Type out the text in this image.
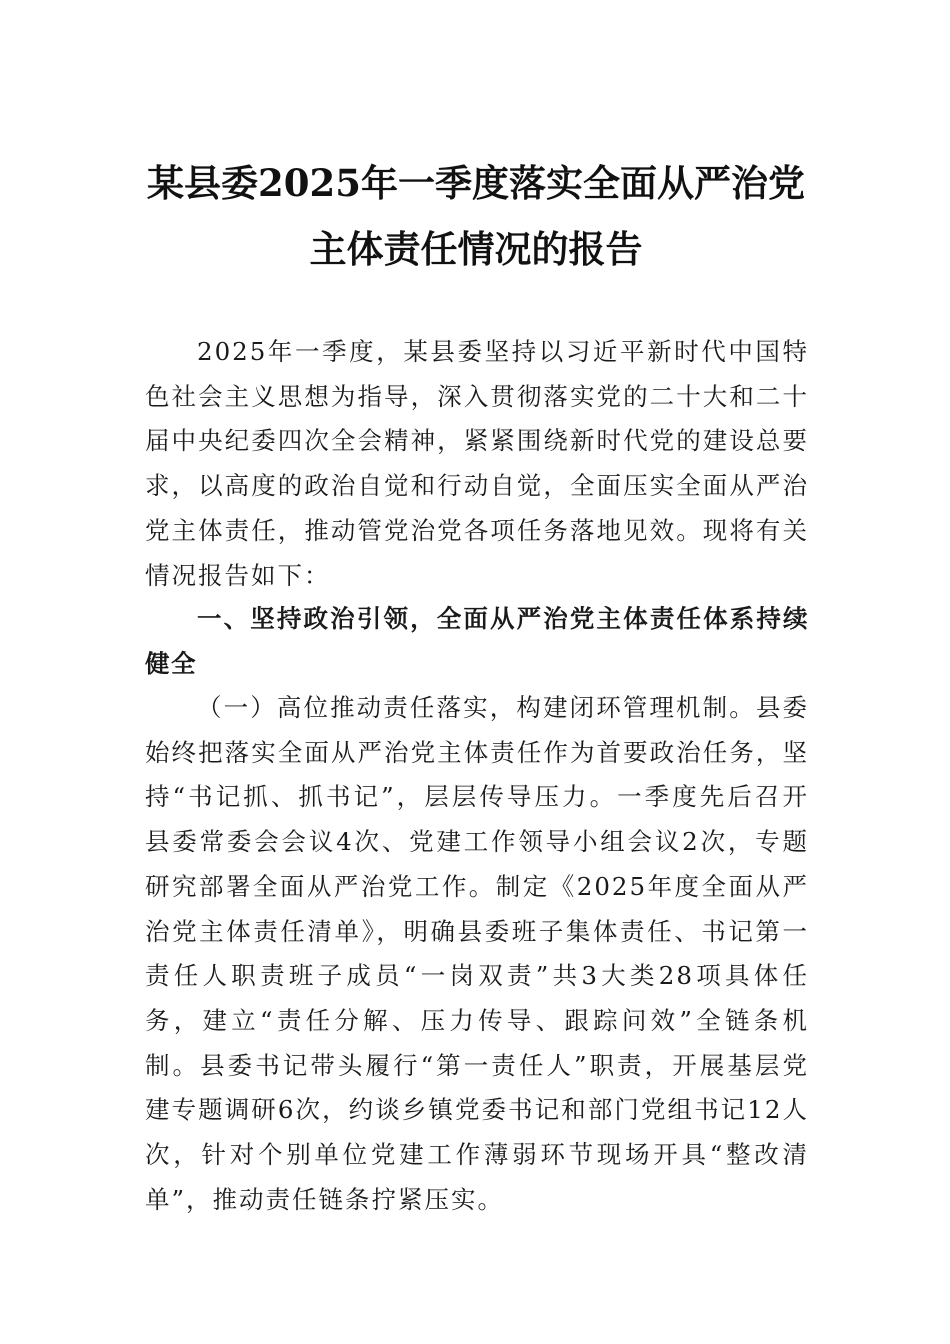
某县委2025年一季度落实全面从严治党主体责任情况的报告
2025年一季度，某县委坚持以习近平新时代中国特色社会主义思想为指导，深入贯彻落实党的二十大和二十届中央纪委四次全会精神，紧紧围绕新时代党的建设总要求，以高度的政治自觉和行动自觉，全面压实全面从严治党主体责任，推动管党治党各项任务落地见效。现将有关情况报告如下：
一、坚持政治引领，全面从严治党主体责任体系持续健全
（一）高位推动责任落实，构建闭环管理机制。县委始终把落实全面从严治党主体责任作为首要政治任务，坚持“书记抓、抓书记”，层层传导压力。一季度先后召开县委常委会会议4次、党建工作领导小组会议2次，专题研究部署全面从严治党工作。制定《2025年度全面从严治党主体责任清单》，明确县委班子集体责任、书记第一责任人职责班子成员“一岗双责”共3大类28项具体任务，建立“责任分解、压力传导、跟踪问效”全链条机制。县委书记带头履行“第一责任人”职责，开展基层党建专题调研6次，约谈乡镇党委书记和部门党组书记12人次，针对个别单位党建工作薄弱环节现场开具“整改清单”，推动责任链条拧紧压实。
